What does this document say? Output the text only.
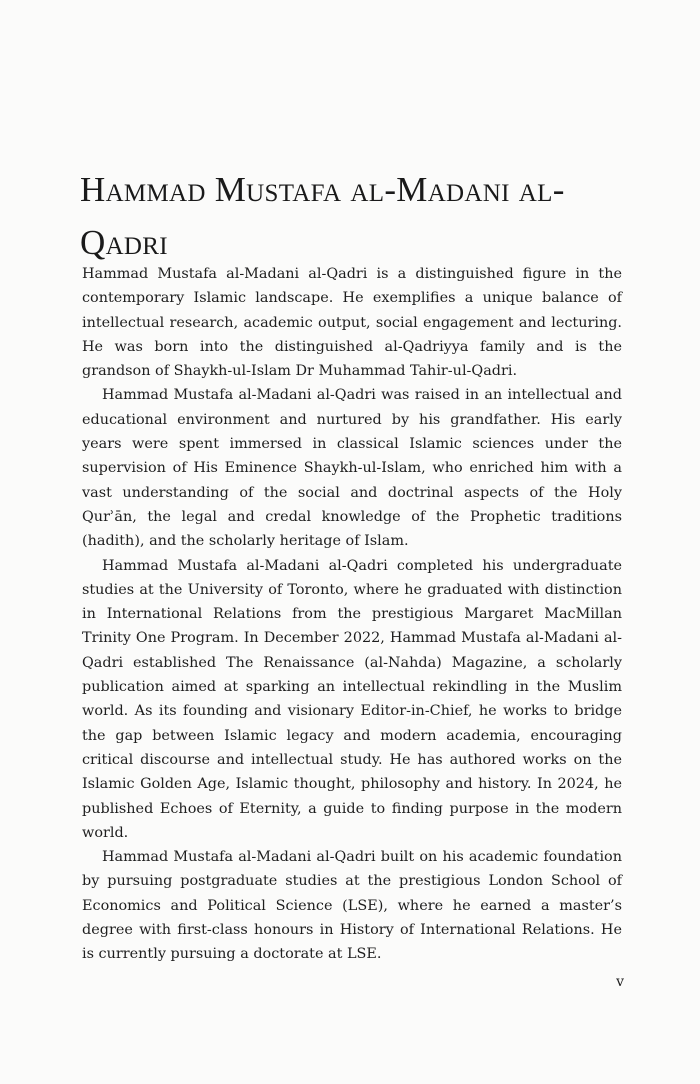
Hammad Mustafa al-Madani al-Qadri

Hammad Mustafa al-Madani al-Qadri is a distinguished figure in the contemporary Islamic landscape. He exemplifies a unique balance of intellectual research, academic output, social engagement and lecturing. He was born into the distinguished al-Qadriyya family and is the grandson of Shaykh-ul-Islam Dr Muhammad Tahir-ul-Qadri.

Hammad Mustafa al-Madani al-Qadri was raised in an intellectual and educational environment and nurtured by his grandfather. His early years were spent immersed in classical Islamic sciences under the supervision of His Eminence Shaykh-ul-Islam, who enriched him with a vast understanding of the social and doctrinal aspects of the Holy Qurʾān, the legal and credal knowledge of the Prophetic traditions (hadith), and the scholarly heritage of Islam.

Hammad Mustafa al-Madani al-Qadri completed his undergraduate studies at the University of Toronto, where he graduated with distinction in International Relations from the prestigious Margaret MacMillan Trinity One Program. In December 2022, Hammad Mustafa al-Madani al-Qadri established The Renaissance (al-Nahda) Magazine, a scholarly publication aimed at sparking an intellectual rekindling in the Muslim world. As its founding and visionary Editor-in-Chief, he works to bridge the gap between Islamic legacy and modern academia, encouraging critical discourse and intellectual study. He has authored works on the Islamic Golden Age, Islamic thought, philosophy and history. In 2024, he published Echoes of Eternity, a guide to finding purpose in the modern world.

Hammad Mustafa al-Madani al-Qadri built on his academic foundation by pursuing postgraduate studies at the prestigious London School of Economics and Political Science (LSE), where he earned a master’s degree with first-class honours in History of International Relations. He is currently pursuing a doctorate at LSE.

v
